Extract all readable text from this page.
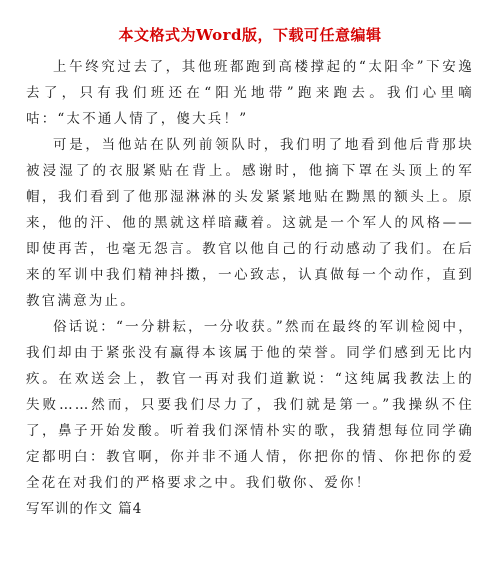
本文格式为Word版，下载可任意编辑

上午终究过去了，其他班都跑到高楼撑起的“太阳伞”下安逸去了，只有我们班还在“阳光地带”跑来跑去。我们心里嘀咕：“太不通人情了，傻大兵！”

可是，当他站在队列前领队时，我们明了地看到他后背那块被浸湿了的衣服紧贴在背上。感谢时，他摘下罩在头顶上的军帽，我们看到了他那湿淋淋的头发紧紧地贴在黝黑的额头上。原来，他的汗、他的黑就这样暗藏着。这就是一个军人的风格——即使再苦，也毫无怨言。教官以他自己的行动感动了我们。在后来的军训中我们精神抖擞，一心致志，认真做每一个动作，直到教官满意为止。

俗话说：“一分耕耘，一分收获。”然而在最终的军训检阅中，我们却由于紧张没有赢得本该属于他的荣誉。同学们感到无比内疚。在欢送会上，教官一再对我们道歉说：“这纯属我教法上的失败……然而，只要我们尽力了，我们就是第一。”我操纵不住了，鼻子开始发酸。听着我们深情朴实的歌，我猜想每位同学确定都明白：教官啊，你并非不通人情，你把你的情、你把你的爱全花在对我们的严格要求之中。我们敬你、爱你！

写军训的作文 篇4
